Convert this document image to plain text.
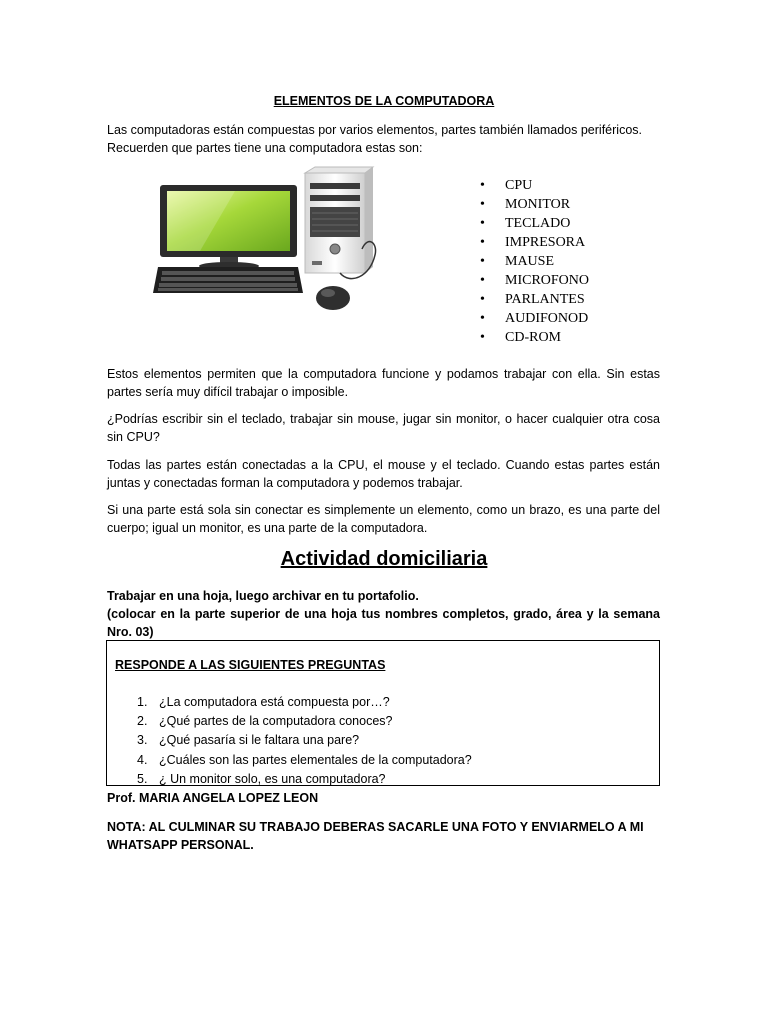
ELEMENTOS DE LA COMPUTADORA
Las computadoras están compuestas por varios elementos, partes también llamados periféricos.
Recuerden que partes tiene una computadora estas son:
• CPU
• MONITOR
• TECLADO
• IMPRESORA
• MAUSE
• MICROFONO
• PARLANTES
• AUDIFONOD
• CD-ROM
Estos elementos permiten que la computadora funcione y podamos trabajar con ella. Sin estas partes sería muy difícil trabajar o imposible.
¿Podrías escribir sin el teclado, trabajar sin mouse, jugar sin monitor, o hacer cualquier otra cosa sin CPU?
Todas las partes están conectadas a la CPU, el mouse y el teclado. Cuando estas partes están juntas y conectadas forman la computadora y podemos trabajar.
Si una parte está sola sin conectar es simplemente un elemento, como un brazo, es una parte del cuerpo; igual un monitor, es una parte de la computadora.
Actividad domiciliaria
Trabajar en una hoja, luego archivar en tu portafolio.
(colocar en la parte superior de una hoja tus nombres completos, grado, área y la semana Nro. 03)
RESPONDE A LAS SIGUIENTES PREGUNTAS
1. ¿La computadora está compuesta por…?
2. ¿Qué partes de la computadora conoces?
3. ¿Qué pasaría si le faltara una pare?
4. ¿Cuáles son las partes elementales de la computadora?
5. ¿ Un monitor solo, es una computadora?
Prof. MARIA ANGELA LOPEZ LEON
NOTA: AL CULMINAR SU TRABAJO DEBERAS SACARLE UNA FOTO Y ENVIARMELO A MI WHATSAPP PERSONAL.
